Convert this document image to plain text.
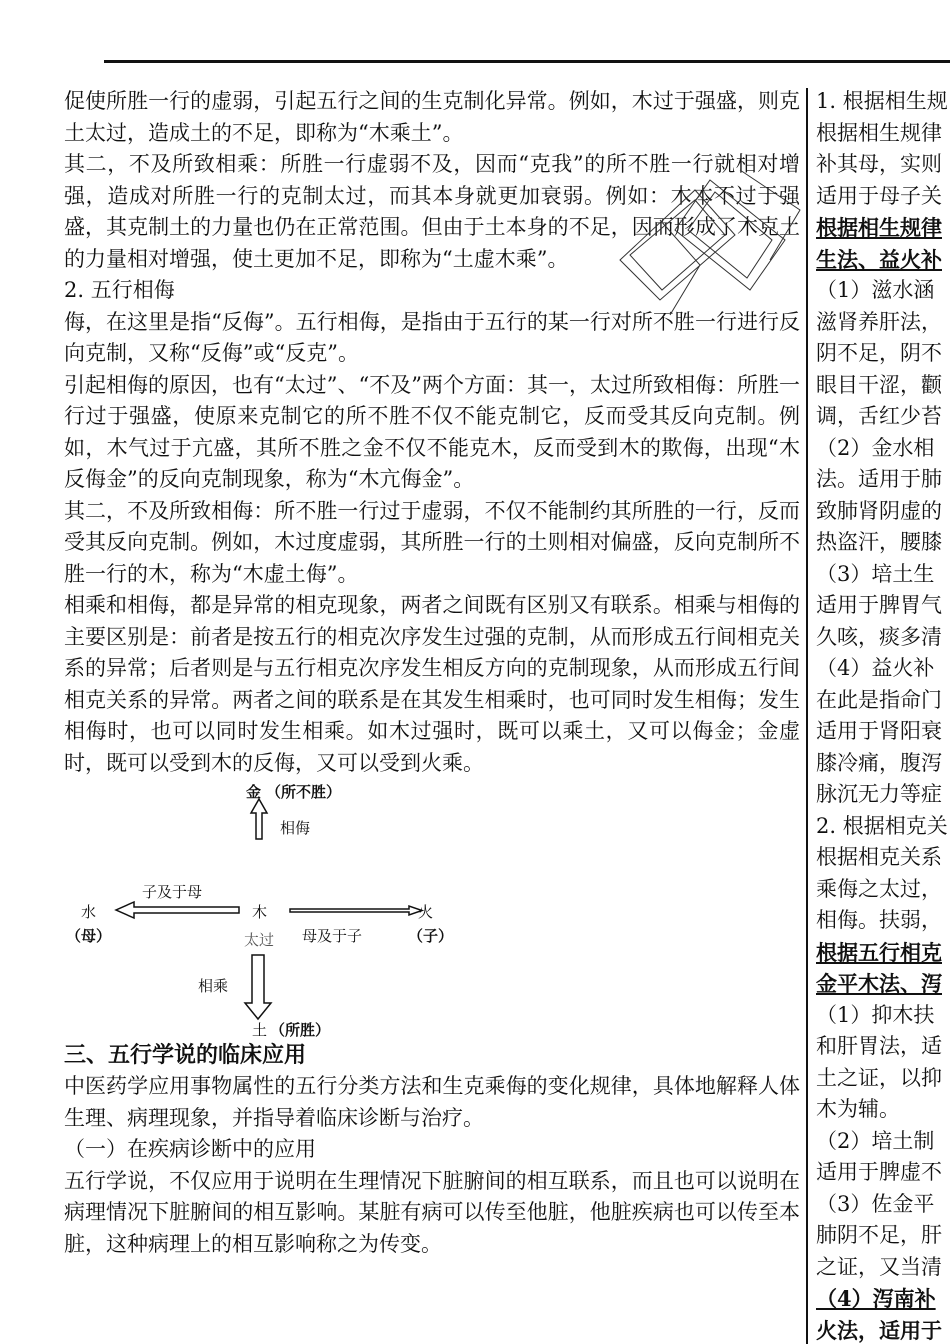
促使所胜一行的虚弱，引起五行之间的生克制化异常。例如，木过于强盛，则克土太过，造成土的不足，即称为“木乘土”。

其二，不及所致相乘：所胜一行虚弱不及，因而“克我”的所不胜一行就相对增强，造成对所胜一行的克制太过，而其本身就更加衰弱。例如：木本不过于强盛，其克制土的力量也仍在正常范围。但由于土本身的不足，因而形成了木克土的力量相对增强，使土更加不足，即称为“土虚木乘”。

2. 五行相侮

侮，在这里是指“反侮”。五行相侮，是指由于五行的某一行对所不胜一行进行反向克制，又称“反侮”或“反克”。

引起相侮的原因，也有“太过”、“不及”两个方面：其一，太过所致相侮：所胜一行过于强盛，使原来克制它的所不胜不仅不能克制它，反而受其反向克制。例如，木气过于亢盛，其所不胜之金不仅不能克木，反而受到木的欺侮，出现“木反侮金”的反向克制现象，称为“木亢侮金”。

其二，不及所致相侮：所不胜一行过于虚弱，不仅不能制约其所胜的一行，反而受其反向克制。例如，木过度虚弱，其所胜一行的土则相对偏盛，反向克制所不胜一行的木，称为“木虚土侮”。

相乘和相侮，都是异常的相克现象，两者之间既有区别又有联系。相乘与相侮的主要区别是：前者是按五行的相克次序发生过强的克制，从而形成五行间相克关系的异常；后者则是与五行相克次序发生相反方向的克制现象，从而形成五行间相克关系的异常。两者之间的联系是在其发生相乘时，也可同时发生相侮；发生相侮时，也可以同时发生相乘。如木过强时，既可以乘土，又可以侮金；金虚时，既可以受到木的反侮，又可以受到火乘。

金 （所不胜）
相侮
子及于母
水
（母）
木
太过 母及于子
火
（子）
相乘
土 （所胜）

三、五行学说的临床应用

中医药学应用事物属性的五行分类方法和生克乘侮的变化规律，具体地解释人体生理、病理现象，并指导着临床诊断与治疗。

（一）在疾病诊断中的应用

五行学说，不仅应用于说明在生理情况下脏腑间的相互联系，而且也可以说明在病理情况下脏腑间的相互影响。某脏有病可以传至他脏，他脏疾病也可以传至本脏，这种病理上的相互影响称之为传变。

1. 根据相生规

根据相生规律

补其母，实则

适用于母子关

根据相生规律

生法、益火补

（1）滋水涵

滋肾养肝法，

阴不足，阴不

眼目干涩，颧

调，舌红少苔

（2）金水相

法。适用于肺

致肺肾阴虚的

热盗汗，腰膝

（3）培土生

适用于脾胃气

久咳，痰多清

（4）益火补

在此是指命门

适用于肾阳衰

膝冷痛，腹泻

脉沉无力等症

2. 根据相克关

根据相克关系

乘侮之太过，

相侮。扶弱，

根据五行相克

金平木法、泻

（1）抑木扶

和肝胃法，适

土之证，以抑

木为辅。

（2）培土制

适用于脾虚不

（3）佐金平

肺阴不足，肝

之证，又当清

（4）泻南补

火法，适用于
